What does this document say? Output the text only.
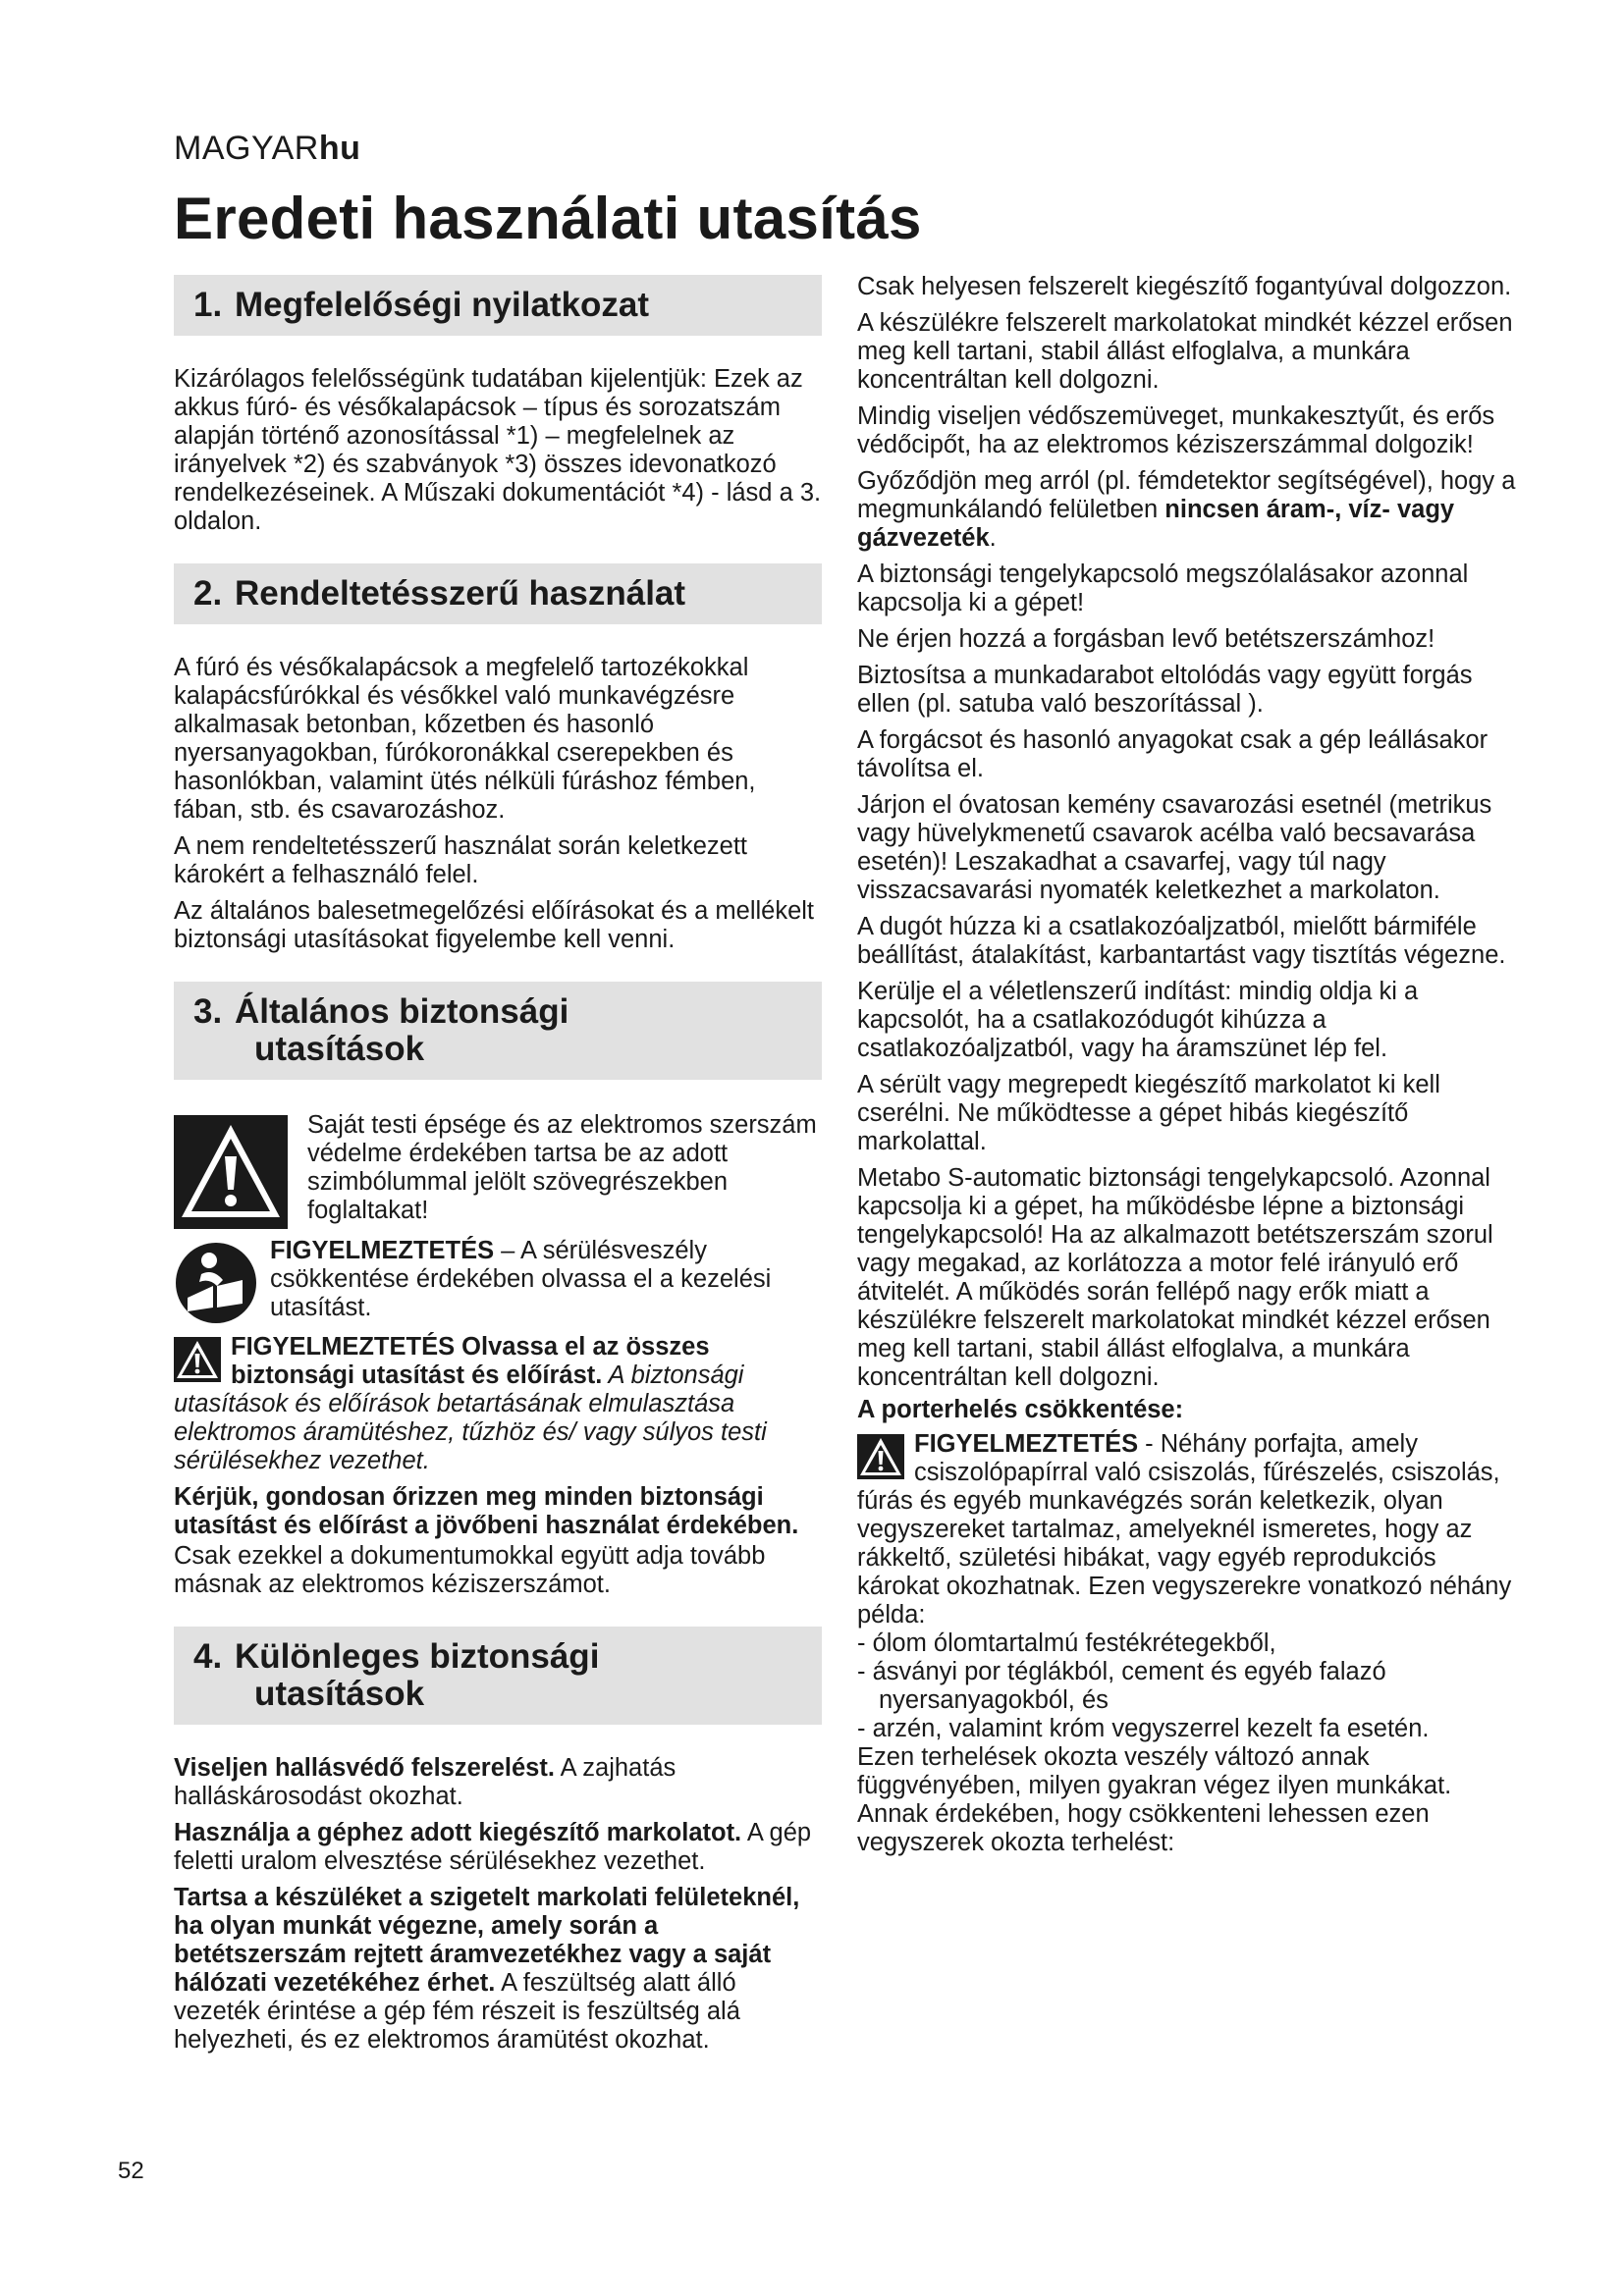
MAGYARhu
Eredeti használati utasítás
1. Megfelelőségi nyilatkozat

Kizárólagos felelősségünk tudatában kijelentjük: Ezek az akkus fúró- és vésőkalapácsok – típus és sorozatszám alapján történő azonosítással *1) – megfelelnek az irányelvek *2) és szabványok *3) összes idevonatkozó rendelkezéseinek. A Műszaki dokumentációt *4) - lásd a 3. oldalon.

2. Rendeltetésszerű használat

A fúró és vésőkalapácsok a megfelelő tartozékokkal kalapácsfúrókkal és vésőkkel való munkavégzésre alkalmasak betonban, kőzetben és hasonló nyersanyagokban, fúrókoronákkal cserepekben és hasonlókban, valamint ütés nélküli fúráshoz fémben, fában, stb. és csavarozáshoz.

A nem rendeltetésszerű használat során keletkezett károkért a felhasználó felel.

Az általános balesetmegelőzési előírásokat és a mellékelt biztonsági utasításokat figyelembe kell venni.

3. Általános biztonsági
utasítások
Saját testi épsége és az elektromos szerszám védelme érdekében tartsa be az adott szimbólummal jelölt szövegrészekben foglaltakat!
FIGYELMEZTETÉS – A sérülésveszély csökkentése érdekében olvassa el a kezelési utasítást.

FIGYELMEZTETÉS Olvassa el az összes biztonsági utasítást és előírást. A biztonsági utasítások és előírások betartásának elmulasztása elektromos áramütéshez, tűzhöz és/ vagy súlyos testi sérülésekhez vezethet.

Kérjük, gondosan őrizzen meg minden biztonsági utasítást és előírást a jövőbeni használat érdekében.

Csak ezekkel a dokumentumokkal együtt adja tovább másnak az elektromos kéziszerszámot.

4. Különleges biztonsági
utasítások

Viseljen hallásvédő felszerelést. A zajhatás halláskárosodást okozhat.

Használja a géphez adott kiegészítő markolatot. A gép feletti uralom elvesztése sérülésekhez vezethet.

Tartsa a készüléket a szigetelt markolati felületeknél, ha olyan munkát végezne, amely során a betétszerszám rejtett áramvezetékhez vagy a saját hálózati vezetékéhez érhet. A feszültség alatt álló vezeték érintése a gép fém részeit is feszültség alá helyezheti, és ez elektromos áramütést okozhat.

Csak helyesen felszerelt kiegészítő fogantyúval dolgozzon.

A készülékre felszerelt markolatokat mindkét kézzel erősen meg kell tartani, stabil állást elfoglalva, a munkára koncentráltan kell dolgozni.

Mindig viseljen védőszemüveget, munkakesztyűt, és erős védőcipőt, ha az elektromos kéziszerszámmal dolgozik!

Győződjön meg arról (pl. fémdetektor segítségével), hogy a megmunkálandó felületben nincsen áram-, víz- vagy gázvezeték.

A biztonsági tengelykapcsoló megszólalásakor azonnal kapcsolja ki a gépet!

Ne érjen hozzá a forgásban levő betétszerszámhoz!

Biztosítsa a munkadarabot eltolódás vagy együtt forgás ellen (pl. satuba való beszorítással ).

A forgácsot és hasonló anyagokat csak a gép leállásakor távolítsa el.

Járjon el óvatosan kemény csavarozási esetnél (metrikus vagy hüvelykmenetű csavarok acélba való becsavarása esetén)! Leszakadhat a csavarfej, vagy túl nagy visszacsavarási nyomaték keletkezhet a markolaton.

A dugót húzza ki a csatlakozóaljzatból, mielőtt bármiféle beállítást, átalakítást, karbantartást vagy tisztítás végezne.

Kerülje el a véletlenszerű indítást: mindig oldja ki a kapcsolót, ha a csatlakozódugót kihúzza a csatlakozóaljzatból, vagy ha áramszünet lép fel.

A sérült vagy megrepedt kiegészítő markolatot ki kell cserélni. Ne működtesse a gépet hibás kiegészítő markolattal.

Metabo S-automatic biztonsági tengelykapcsoló. Azonnal kapcsolja ki a gépet, ha működésbe lépne a biztonsági tengelykapcsoló! Ha az alkalmazott betétszerszám szorul vagy megakad, az korlátozza a motor felé irányuló erő átvitelét. A működés során fellépő nagy erők miatt a készülékre felszerelt markolatokat mindkét kézzel erősen meg kell tartani, stabil állást elfoglalva, a munkára koncentráltan kell dolgozni.

A porterhelés csökkentése:

FIGYELMEZTETÉS - Néhány porfajta, amely csiszolópapírral való csiszolás, fűrészelés, csiszolás, fúrás és egyéb munkavégzés során keletkezik, olyan vegyszereket tartalmaz, amelyeknél ismeretes, hogy az rákkeltő, születési hibákat, vagy egyéb reprodukciós károkat okozhatnak. Ezen vegyszerekre vonatkozó néhány példa:

- ólom ólomtartalmú festékrétegekből,
- ásványi por téglákból, cement és egyéb falazó nyersanyagokból, és
- arzén, valamint króm vegyszerrel kezelt fa esetén.

Ezen terhelések okozta veszély változó annak függvényében, milyen gyakran végez ilyen munkákat. Annak érdekében, hogy csökkenteni lehessen ezen vegyszerek okozta terhelést:

52
